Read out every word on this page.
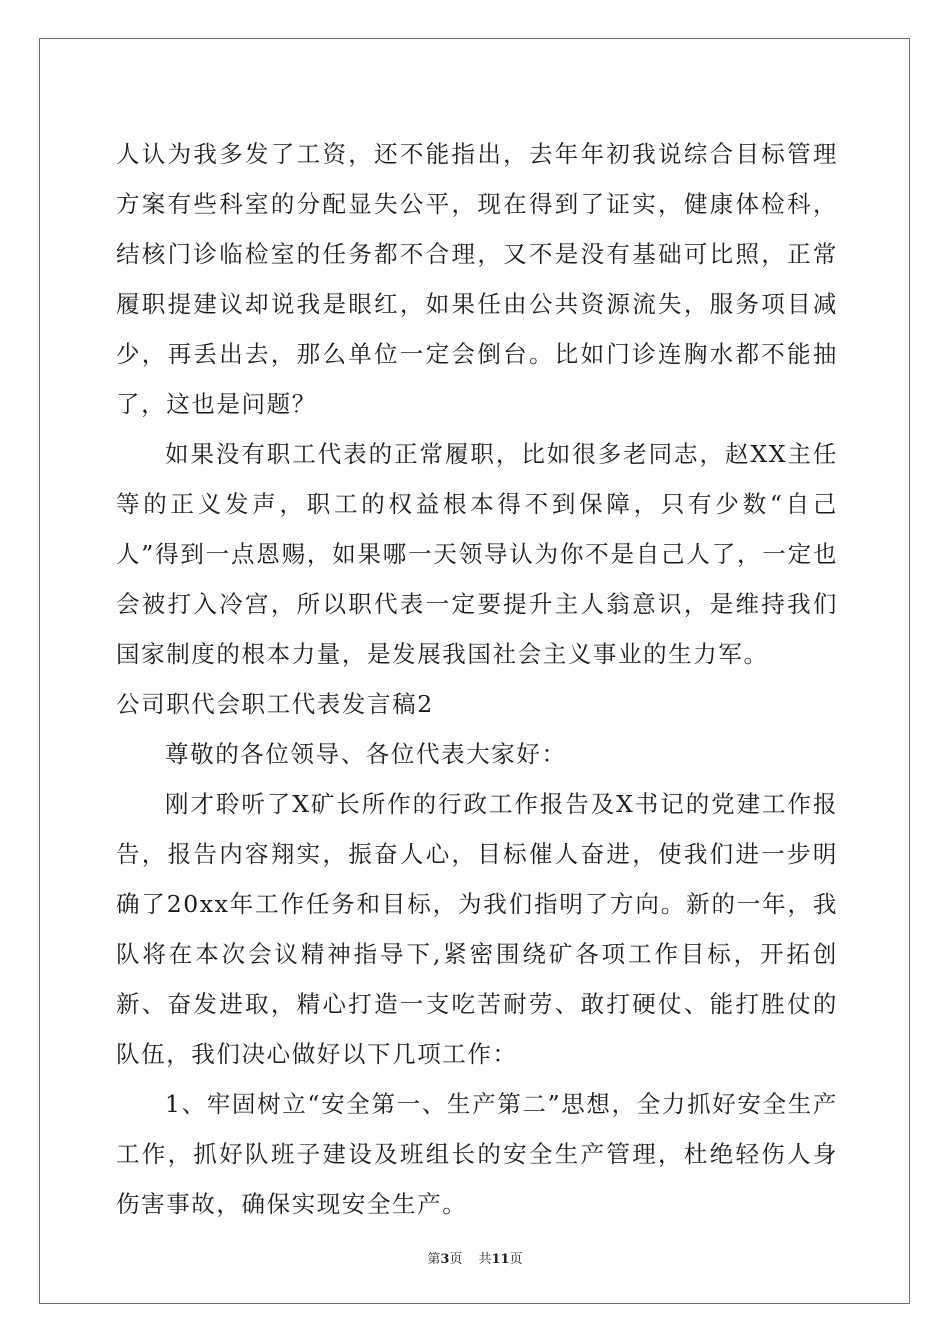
人认为我多发了工资，还不能指出，去年年初我说综合目标管理方案有些科室的分配显失公平，现在得到了证实，健康体检科，结核门诊临检室的任务都不合理，又不是没有基础可比照，正常履职提建议却说我是眼红，如果任由公共资源流失，服务项目减少，再丢出去，那么单位一定会倒台。比如门诊连胸水都不能抽了，这也是问题？

如果没有职工代表的正常履职，比如很多老同志，赵XX主任等的正义发声，职工的权益根本得不到保障，只有少数“自己人”得到一点恩赐，如果哪一天领导认为你不是自己人了，一定也会被打入冷宫，所以职代表一定要提升主人翁意识，是维持我们国家制度的根本力量，是发展我国社会主义事业的生力军。

公司职代会职工代表发言稿2

尊敬的各位领导、各位代表大家好：

刚才聆听了X矿长所作的行政工作报告及X书记的党建工作报告，报告内容翔实，振奋人心，目标催人奋进，使我们进一步明确了20xx年工作任务和目标，为我们指明了方向。新的一年，我队将在本次会议精神指导下,紧密围绕矿各项工作目标，开拓创新、奋发进取，精心打造一支吃苦耐劳、敢打硬仗、能打胜仗的队伍，我们决心做好以下几项工作：

1、牢固树立“安全第一、生产第二”思想，全力抓好安全生产工作，抓好队班子建设及班组长的安全生产管理，杜绝轻伤人身伤害事故，确保实现安全生产。

第3页 共11页
